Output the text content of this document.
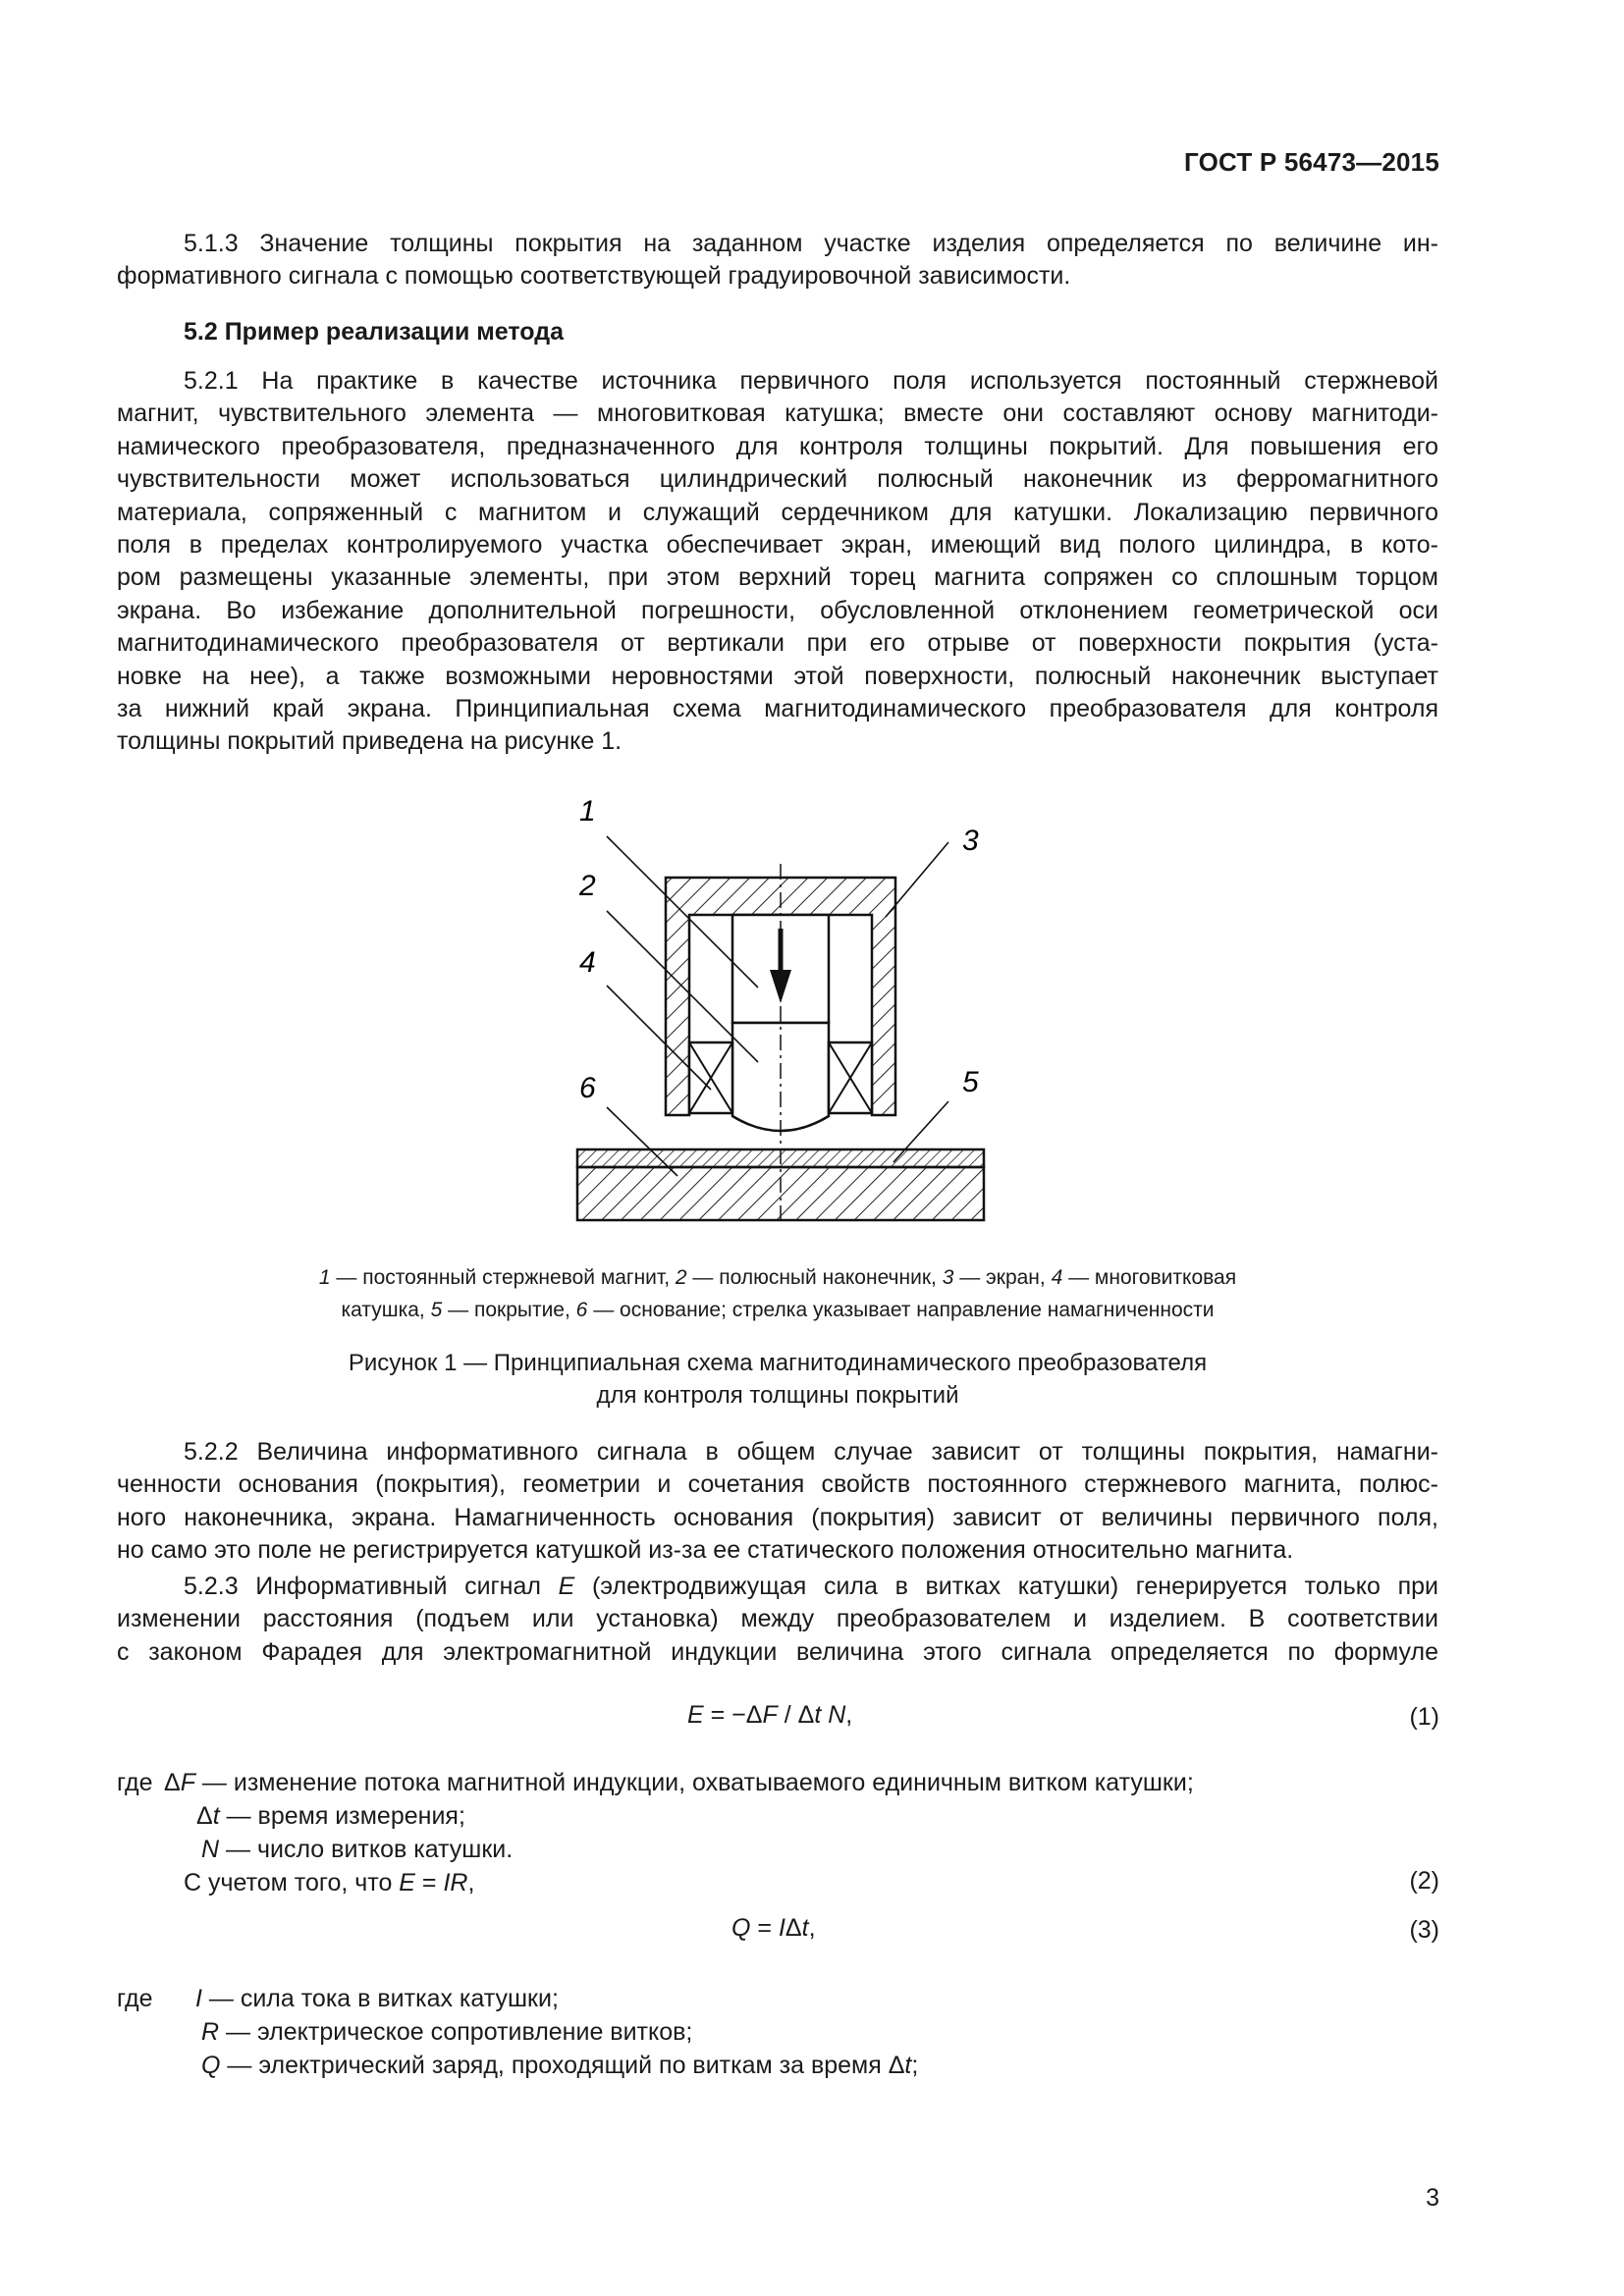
ГОСТ Р 56473—2015
5.1.3 Значение толщины покрытия на заданном участке изделия определяется по величине ин-
формативного сигнала с помощью соответствующей градуировочной зависимости.
5.2 Пример реализации метода
5.2.1 На практике в качестве источника первичного поля используется постоянный стержневой
магнит, чувствительного элемента — многовитковая катушка; вместе они составляют основу магнитоди-
намического преобразователя, предназначенного для контроля толщины покрытий. Для повышения его
чувствительности может использоваться цилиндрический полюсный наконечник из ферромагнитного
материала, сопряженный с магнитом и служащий сердечником для катушки. Локализацию первичного
поля в пределах контролируемого участка обеспечивает экран, имеющий вид полого цилиндра, в кото-
ром размещены указанные элементы, при этом верхний торец магнита сопряжен со сплошным торцом
экрана. Во избежание дополнительной погрешности, обусловленной отклонением геометрической оси
магнитодинамического преобразователя от вертикали при его отрыве от поверхности покрытия (уста-
новке на нее), а также возможными неровностями этой поверхности, полюсный наконечник выступает
за нижний край экрана. Принципиальная схема магнитодинамического преобразователя для контроля
толщины покрытий приведена на рисунке 1.
1
2
3
4
5
6
1 — постоянный стержневой магнит, 2 — полюсный наконечник, 3 — экран, 4 — многовитковая
катушка, 5 — покрытие, 6 — основание; стрелка указывает направление намагниченности
Рисунок 1 — Принципиальная схема магнитодинамического преобразователя
для контроля толщины покрытий
5.2.2 Величина информативного сигнала в общем случае зависит от толщины покрытия, намагни-
ченности основания (покрытия), геометрии и сочетания свойств постоянного стержневого магнита, полюс-
ного наконечника, экрана. Намагниченность основания (покрытия) зависит от величины первичного поля,
но само это поле не регистрируется катушкой из-за ее статического положения относительно магнита.
5.2.3 Информативный сигнал E (электродвижущая сила в витках катушки) генерируется только при
изменении расстояния (подъем или установка) между преобразователем и изделием. В соответствии
с законом Фарадея для электромагнитной индукции величина этого сигнала определяется по формуле
E = −ΔF / Δt N,	(1)
где ΔF — изменение потока магнитной индукции, охватываемого единичным витком катушки;
Δt — время измерения;
N — число витков катушки.
С учетом того, что E = IR,	(2)
Q = IΔt,	(3)
где I — сила тока в витках катушки;
R — электрическое сопротивление витков;
Q — электрический заряд, проходящий по виткам за время Δt;
3
